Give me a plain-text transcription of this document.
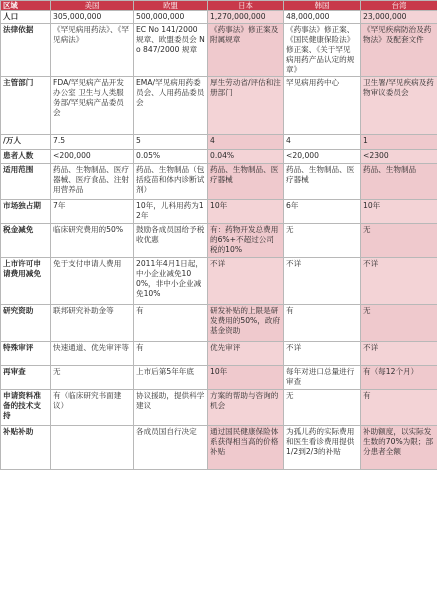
区域	美国	欧盟	日本	韩国	台湾
人口	305,000,000	500,000,000	1,270,000,000	48,000,000	23,000,000
法律依据	《罕见病用药法》、《罕见病法》	EC No 141/2000 规章、欧盟委员会 No 847/2000 规章	《药事法》修正案及附属规章	《药事法》修正案、《国民健康保险法》修正案、《关于罕见病用药产品认定的规章》	《罕见疾病防治及药物法》及配套文件
主管部门	FDA/罕见病产品开发办公室 卫生与人类服务部/罕见病产品委员会	EMA/罕见病用药委员会、人用药品委员会	厚生劳动省/评估和注册部门	罕见病用药中心	卫生署/罕见疾病及药物审议委员会
/万人	7.5	5	4	4	1
患者人数	<200,000	0.05%	0.04%	<20,000	<2300
适用范围	药品、生物制品、医疗器械、医疗食品、注射用营养品	药品、生物制品（包括疫苗和体内诊断试剂）	药品、生物制品、医疗器械	药品、生物制品、医疗器械	药品、生物制品
市场独占期	7年	10年，儿科用药为12年	10年	6年	10年
税金减免	临床研究费用的50%	鼓励各成员国给予税收优惠	有：药物开发总费用的6%+不超过公司税的10%	无	无
上市许可申请费用减免	免于支付申请人费用	2011年4月1日起，中小企业减免100%，非中小企业减免10%	不详	不详	不详
研究资助	联邦研究补助金等	有	研发补贴的上限是研发费用的50%，政府基金资助	有	无
特殊审评	快速通道、优先审评等	有	优先审评	不详	不详
再审查	无	上市后第5年年底	10年	每年对进口总量进行审查	有（每12个月）
申请资料准备的技术支持	有（临床研究书面建议）	协议援助，提供科学建议	方案的帮助与咨询的机会	无	有
补贴补助		各成员国自行决定	通过国民健康保险体系获得相当高的价格补贴	为孤儿药的实际费用和医生看诊费用提供1/2到2/3的补贴	补助额度，以实际发生数的70%为限；部分患者全额
